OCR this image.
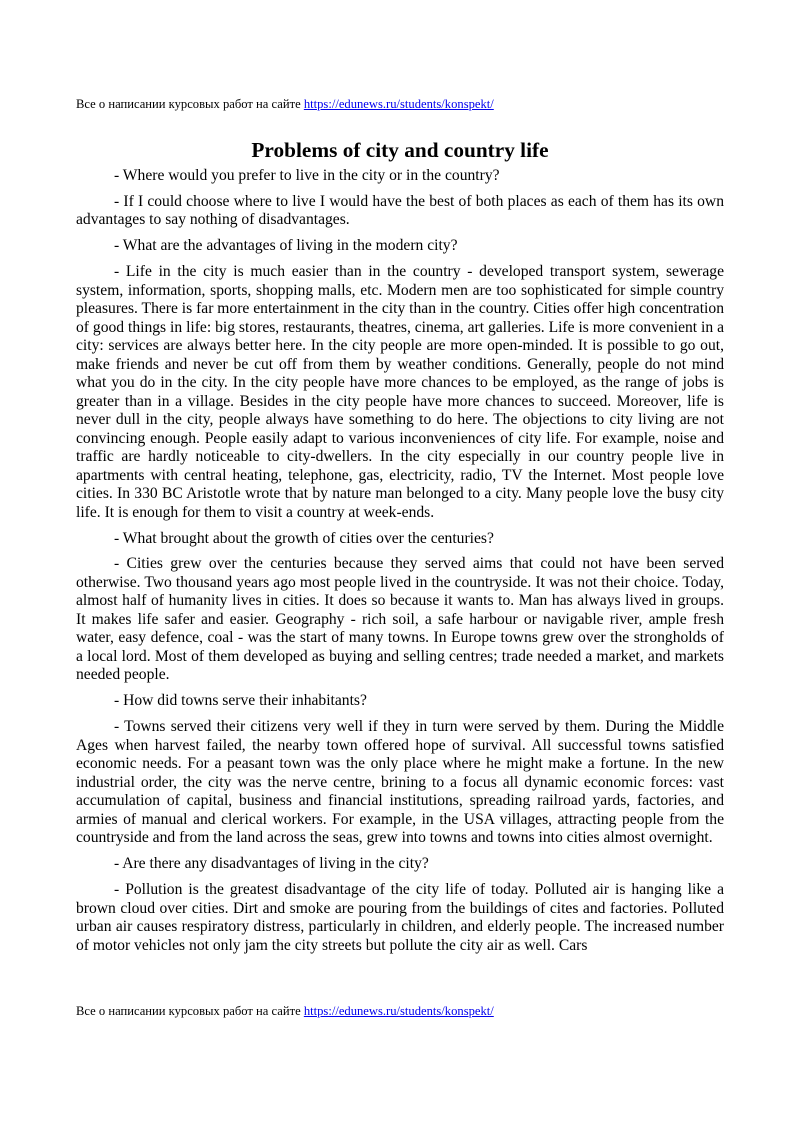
Все о написании курсовых работ на сайте https://edunews.ru/students/konspekt/
Problems of city and country life

- Where would you prefer to live in the city or in the country?

- If I could choose where to live I would have the best of both places as each of them has its own advantages to say nothing of disadvantages.

- What are the advantages of living in the modern city?

- Life in the city is much easier than in the country - developed transport system, sewerage system, information, sports, shopping malls, etc. Modern men are too sophisticated for simple country pleasures. There is far more entertainment in the city than in the country. Cities offer high concentration of good things in life: big stores, restaurants, theatres, cinema, art galleries. Life is more convenient in a city: services are always better here. In the city people are more open-minded. It is possible to go out, make friends and never be cut off from them by weather conditions. Generally, people do not mind what you do in the city. In the city people have more chances to be employed, as the range of jobs is greater than in a village. Besides in the city people have more chances to succeed. Moreover, life is never dull in the city, people always have something to do here. The objections to city living are not convincing enough. People easily adapt to various inconveniences of city life. For example, noise and traffic are hardly noticeable to city-dwellers. In the city especially in our country people live in apartments with central heating, telephone, gas, electricity, radio, TV the Internet. Most people love cities. In 330 BC Aristotle wrote that by nature man belonged to a city. Many people love the busy city life. It is enough for them to visit a country at week-ends.

- What brought about the growth of cities over the centuries?

- Cities grew over the centuries because they served aims that could not have been served otherwise. Two thousand years ago most people lived in the countryside. It was not their choice. Today, almost half of humanity lives in cities. It does so because it wants to. Man has always lived in groups. It makes life safer and easier. Geography - rich soil, a safe harbour or navigable river, ample fresh water, easy defence, coal - was the start of many towns. In Europe towns grew over the strongholds of a local lord. Most of them developed as buying and selling centres; trade needed a market, and markets needed people.

- How did towns serve their inhabitants?

- Towns served their citizens very well if they in turn were served by them. During the Middle Ages when harvest failed, the nearby town offered hope of survival. All successful towns satisfied economic needs. For a peasant town was the only place where he might make a fortune. In the new industrial order, the city was the nerve centre, brining to a focus all dynamic economic forces: vast accumulation of capital, business and financial institutions, spreading railroad yards, factories, and armies of manual and clerical workers. For example, in the USA villages, attracting people from the countryside and from the land across the seas, grew into towns and towns into cities almost overnight.

- Are there any disadvantages of living in the city?

- Pollution is the greatest disadvantage of the city life of today. Polluted air is hanging like a brown cloud over cities. Dirt and smoke are pouring from the buildings of cites and factories. Polluted urban air causes respiratory distress, particularly in children, and elderly people. The increased number of motor vehicles not only jam the city streets but pollute the city air as well. Cars

Все о написании курсовых работ на сайте https://edunews.ru/students/konspekt/
